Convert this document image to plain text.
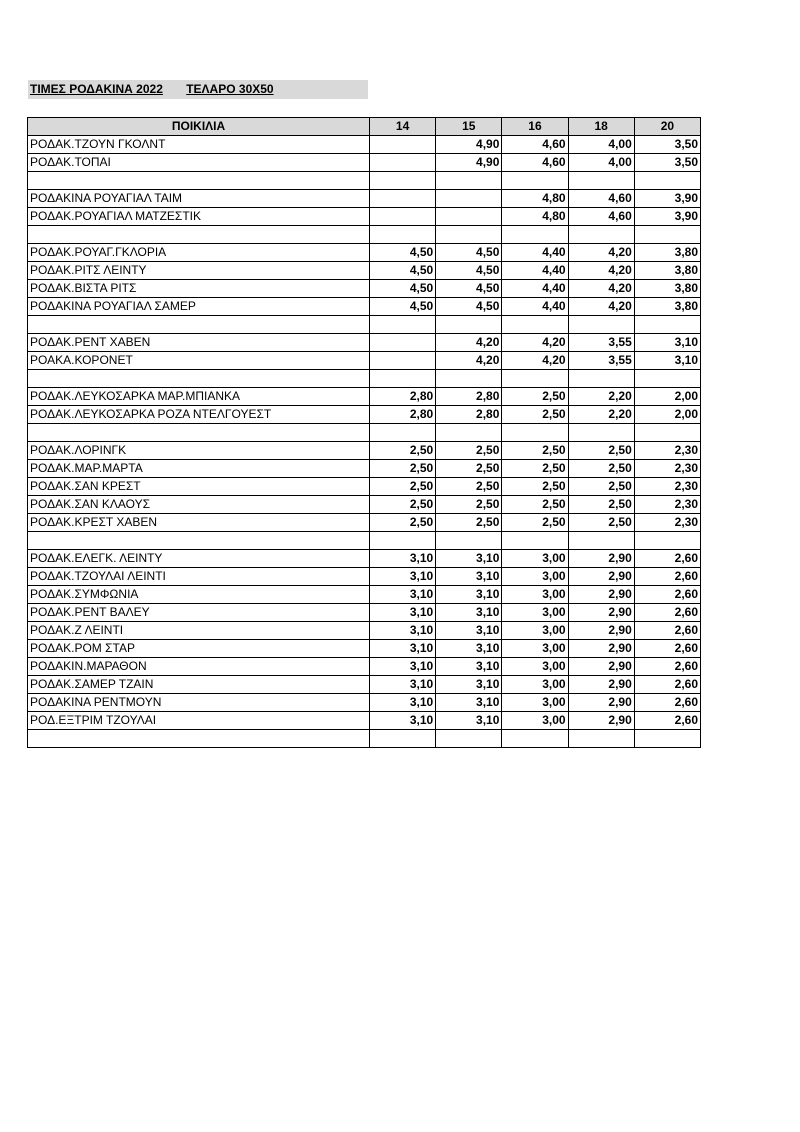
ΤΙΜΕΣ ΡΟΔΑΚΙΝΑ 2022 ΤΕΛΑΡΟ 30Χ50
ΠΟΙΚΙΛΙΑ	14	15	16	18	20
ΡΟΔΑΚ.ΤΖΟΥΝ ΓΚΟΛΝΤ		4,90	4,60	4,00	3,50
ΡΟΔΑΚ.ΤΟΠΑΙ		4,90	4,60	4,00	3,50

ΡΟΔΑΚΙΝΑ ΡΟΥΑΓΙΑΛ ΤΑΙΜ			4,80	4,60	3,90
ΡΟΔΑΚ.ΡΟΥΑΓΙΑΛ ΜΑΤΖΕΣΤΙΚ			4,80	4,60	3,90

ΡΟΔΑΚ.ΡΟΥΑΓ.ΓΚΛΟΡΙΑ	4,50	4,50	4,40	4,20	3,80
ΡΟΔΑΚ.ΡΙΤΣ ΛΕΙΝΤΥ	4,50	4,50	4,40	4,20	3,80
ΡΟΔΑΚ.ΒΙΣΤΑ ΡΙΤΣ	4,50	4,50	4,40	4,20	3,80
ΡΟΔΑΚΙΝΑ ΡΟΥΑΓΙΑΛ ΣΑΜΕΡ	4,50	4,50	4,40	4,20	3,80

ΡΟΔΑΚ.ΡΕΝΤ ΧΑΒΕΝ		4,20	4,20	3,55	3,10
ΡΟΑΚΑ.ΚΟΡΟΝΕΤ		4,20	4,20	3,55	3,10

ΡΟΔΑΚ.ΛΕΥΚΟΣΑΡΚΑ ΜΑΡ.ΜΠΙΑΝΚΑ	2,80	2,80	2,50	2,20	2,00
ΡΟΔΑΚ.ΛΕΥΚΟΣΑΡΚΑ ΡΟΖΑ ΝΤΕΛΓΟΥΕΣΤ	2,80	2,80	2,50	2,20	2,00

ΡΟΔΑΚ.ΛΟΡΙΝΓΚ	2,50	2,50	2,50	2,50	2,30
ΡΟΔΑΚ.ΜΑΡ.ΜΑΡΤΑ	2,50	2,50	2,50	2,50	2,30
ΡΟΔΑΚ.ΣΑΝ ΚΡΕΣΤ	2,50	2,50	2,50	2,50	2,30
ΡΟΔΑΚ.ΣΑΝ ΚΛΑΟΥΣ	2,50	2,50	2,50	2,50	2,30
ΡΟΔΑΚ.ΚΡΕΣΤ ΧΑΒΕΝ	2,50	2,50	2,50	2,50	2,30

ΡΟΔΑΚ.ΕΛΕΓΚ. ΛΕΙΝΤΥ	3,10	3,10	3,00	2,90	2,60
ΡΟΔΑΚ.ΤΖΟΥΛΑΙ ΛΕΙΝΤΙ	3,10	3,10	3,00	2,90	2,60
ΡΟΔΑΚ.ΣΥΜΦΩΝΙΑ	3,10	3,10	3,00	2,90	2,60
ΡΟΔΑΚ.ΡΕΝΤ ΒΑΛΕΥ	3,10	3,10	3,00	2,90	2,60
ΡΟΔΑΚ.Ζ ΛΕΙΝΤΙ	3,10	3,10	3,00	2,90	2,60
ΡΟΔΑΚ.ΡΟΜ ΣΤΑΡ	3,10	3,10	3,00	2,90	2,60
ΡΟΔΑΚΙΝ.ΜΑΡΑΘΟΝ	3,10	3,10	3,00	2,90	2,60
ΡΟΔΑΚ.ΣΑΜΕΡ ΤΖΑΙΝ	3,10	3,10	3,00	2,90	2,60
ΡΟΔΑΚΙΝΑ ΡΕΝΤΜΟΥΝ	3,10	3,10	3,00	2,90	2,60
ΡΟΔ.ΕΞΤΡΙΜ ΤΖΟΥΛΑΙ	3,10	3,10	3,00	2,90	2,60
